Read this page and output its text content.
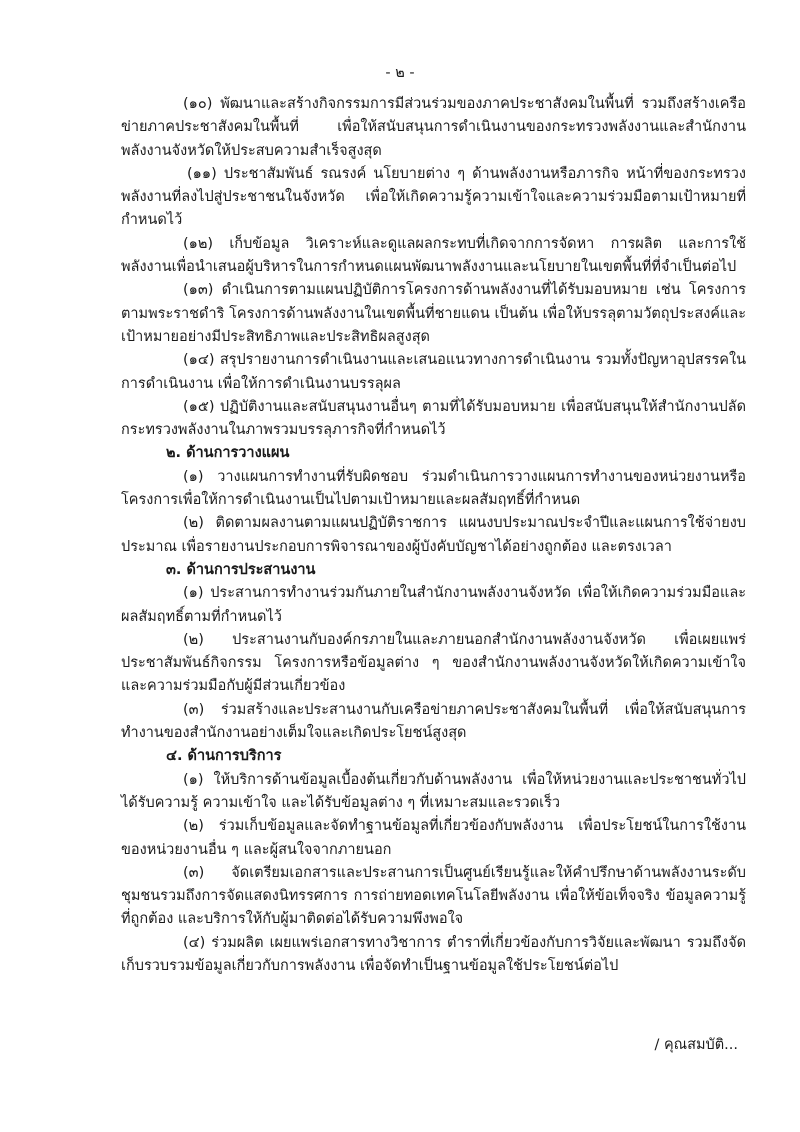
- ๒ -

(๑๐) พัฒนาและสร้างกิจกรรมการมีส่วนร่วมของภาคประชาสังคมในพื้นที่ รวมถึงสร้างเครือข่ายภาคประชาสังคมในพื้นที่ เพื่อให้สนับสนุนการดำเนินงานของกระทรวงพลังงานและสำนักงานพลังงานจังหวัดให้ประสบความสำเร็จสูงสุด

(๑๑) ประชาสัมพันธ์ รณรงค์ นโยบายต่าง ๆ ด้านพลังงานหรือภารกิจ หน้าที่ของกระทรวงพลังงานที่ลงไปสู่ประชาชนในจังหวัด เพื่อให้เกิดความรู้ความเข้าใจและความร่วมมือตามเป้าหมายที่กำหนดไว้

(๑๒) เก็บข้อมูล วิเคราะห์และดูแลผลกระทบที่เกิดจากการจัดหา การผลิต และการใช้พลังงานเพื่อนำเสนอผู้บริหารในการกำหนดแผนพัฒนาพลังงานและนโยบายในเขตพื้นที่ที่จำเป็นต่อไป

(๑๓) ดำเนินการตามแผนปฏิบัติการโครงการด้านพลังงานที่ได้รับมอบหมาย เช่น โครงการตามพระราชดำริ โครงการด้านพลังงานในเขตพื้นที่ชายแดน เป็นต้น เพื่อให้บรรลุตามวัตถุประสงค์และเป้าหมายอย่างมีประสิทธิภาพและประสิทธิผลสูงสุด

(๑๔) สรุปรายงานการดำเนินงานและเสนอแนวทางการดำเนินงาน รวมทั้งปัญหาอุปสรรคในการดำเนินงาน เพื่อให้การดำเนินงานบรรลุผล

(๑๕) ปฏิบัติงานและสนับสนุนงานอื่นๆ ตามที่ได้รับมอบหมาย เพื่อสนับสนุนให้สำนักงานปลัดกระทรวงพลังงานในภาพรวมบรรลุภารกิจที่กำหนดไว้

๒. ด้านการวางแผน

(๑) วางแผนการทำงานที่รับผิดชอบ ร่วมดำเนินการวางแผนการทำงานของหน่วยงานหรือโครงการเพื่อให้การดำเนินงานเป็นไปตามเป้าหมายและผลสัมฤทธิ์ที่กำหนด

(๒) ติดตามผลงานตามแผนปฏิบัติราชการ แผนงบประมาณประจำปีและแผนการใช้จ่ายงบประมาณ เพื่อรายงานประกอบการพิจารณาของผู้บังคับบัญชาได้อย่างถูกต้อง และตรงเวลา

๓. ด้านการประสานงาน

(๑) ประสานการทำงานร่วมกันภายในสำนักงานพลังงานจังหวัด เพื่อให้เกิดความร่วมมือและผลสัมฤทธิ์ตามที่กำหนดไว้

(๒) ประสานงานกับองค์กรภายในและภายนอกสำนักงานพลังงานจังหวัด เพื่อเผยแพร่ประชาสัมพันธ์กิจกรรม โครงการหรือข้อมูลต่าง ๆ ของสำนักงานพลังงานจังหวัดให้เกิดความเข้าใจและความร่วมมือกับผู้มีส่วนเกี่ยวข้อง

(๓) ร่วมสร้างและประสานงานกับเครือข่ายภาคประชาสังคมในพื้นที่ เพื่อให้สนับสนุนการทำงานของสำนักงานอย่างเต็มใจและเกิดประโยชน์สูงสุด

๔. ด้านการบริการ

(๑) ให้บริการด้านข้อมูลเบื้องต้นเกี่ยวกับด้านพลังงาน เพื่อให้หน่วยงานและประชาชนทั่วไปได้รับความรู้ ความเข้าใจ และได้รับข้อมูลต่าง ๆ ที่เหมาะสมและรวดเร็ว

(๒) ร่วมเก็บข้อมูลและจัดทำฐานข้อมูลที่เกี่ยวข้องกับพลังงาน เพื่อประโยชน์ในการใช้งานของหน่วยงานอื่น ๆ และผู้สนใจจากภายนอก

(๓) จัดเตรียมเอกสารและประสานการเป็นศูนย์เรียนรู้และให้คำปรึกษาด้านพลังงานระดับชุมชนรวมถึงการจัดแสดงนิทรรศการ การถ่ายทอดเทคโนโลยีพลังงาน เพื่อให้ข้อเท็จจริง ข้อมูลความรู้ ที่ถูกต้อง และบริการให้กับผู้มาติดต่อได้รับความพึงพอใจ

(๔) ร่วมผลิต เผยแพร่เอกสารทางวิชาการ ตำราที่เกี่ยวข้องกับการวิจัยและพัฒนา รวมถึงจัดเก็บรวบรวมข้อมูลเกี่ยวกับการพลังงาน เพื่อจัดทำเป็นฐานข้อมูลใช้ประโยชน์ต่อไป

/ คุณสมบัติ...
